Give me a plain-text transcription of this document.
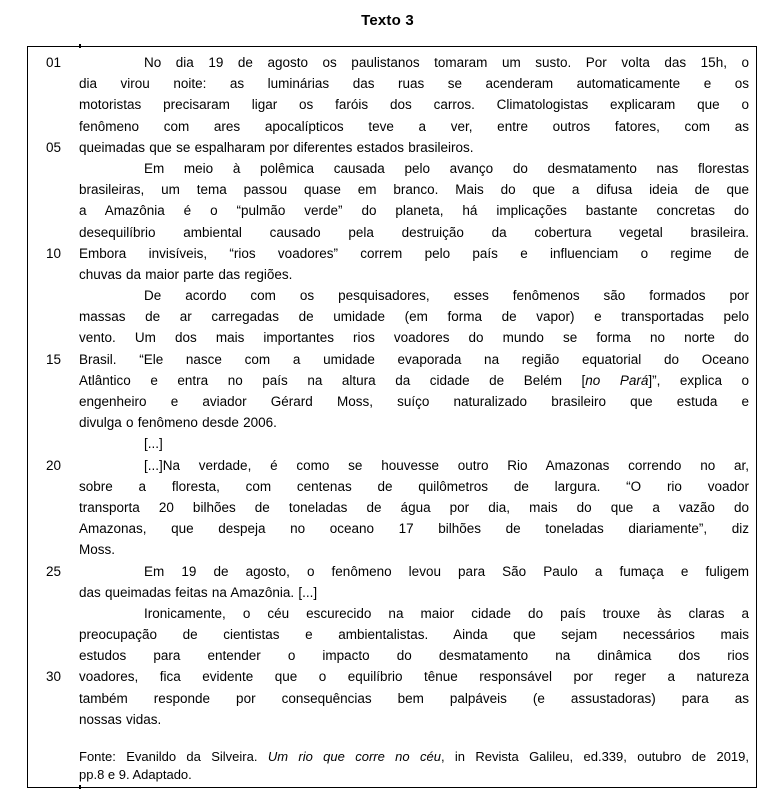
Texto 3
01	No dia 19 de agosto os paulistanos tomaram um susto. Por volta das 15h, o
dia virou noite: as luminárias das ruas se acenderam automaticamente e os
motoristas precisaram ligar os faróis dos carros. Climatologistas explicaram que o
fenômeno com ares apocalípticos teve a ver, entre outros fatores, com as
05	queimadas que se espalharam por diferentes estados brasileiros.
Em meio à polêmica causada pelo avanço do desmatamento nas florestas
brasileiras, um tema passou quase em branco. Mais do que a difusa ideia de que
a Amazônia é o “pulmão verde” do planeta, há implicações bastante concretas do
desequilíbrio ambiental causado pela destruição da cobertura vegetal brasileira.
10	Embora invisíveis, “rios voadores” correm pelo país e influenciam o regime de
chuvas da maior parte das regiões.
De acordo com os pesquisadores, esses fenômenos são formados por
massas de ar carregadas de umidade (em forma de vapor) e transportadas pelo
vento. Um dos mais importantes rios voadores do mundo se forma no norte do
15	Brasil. “Ele nasce com a umidade evaporada na região equatorial do Oceano
Atlântico e entra no país na altura da cidade de Belém [no Pará]”, explica o
engenheiro e aviador Gérard Moss, suíço naturalizado brasileiro que estuda e
divulga o fenômeno desde 2006.
[...]
20	[...]Na verdade, é como se houvesse outro Rio Amazonas correndo no ar,
sobre a floresta, com centenas de quilômetros de largura. “O rio voador
transporta 20 bilhões de toneladas de água por dia, mais do que a vazão do
Amazonas, que despeja no oceano 17 bilhões de toneladas diariamente”, diz
Moss.
25	Em 19 de agosto, o fenômeno levou para São Paulo a fumaça e fuligem
das queimadas feitas na Amazônia. [...]
Ironicamente, o céu escurecido na maior cidade do país trouxe às claras a
preocupação de cientistas e ambientalistas. Ainda que sejam necessários mais
estudos para entender o impacto do desmatamento na dinâmica dos rios
30	voadores, fica evidente que o equilíbrio tênue responsável por reger a natureza
também responde por consequências bem palpáveis (e assustadoras) para as
nossas vidas.
Fonte: Evanildo da Silveira. Um rio que corre no céu, in Revista Galileu, ed.339, outubro de 2019,
pp.8 e 9. Adaptado.
